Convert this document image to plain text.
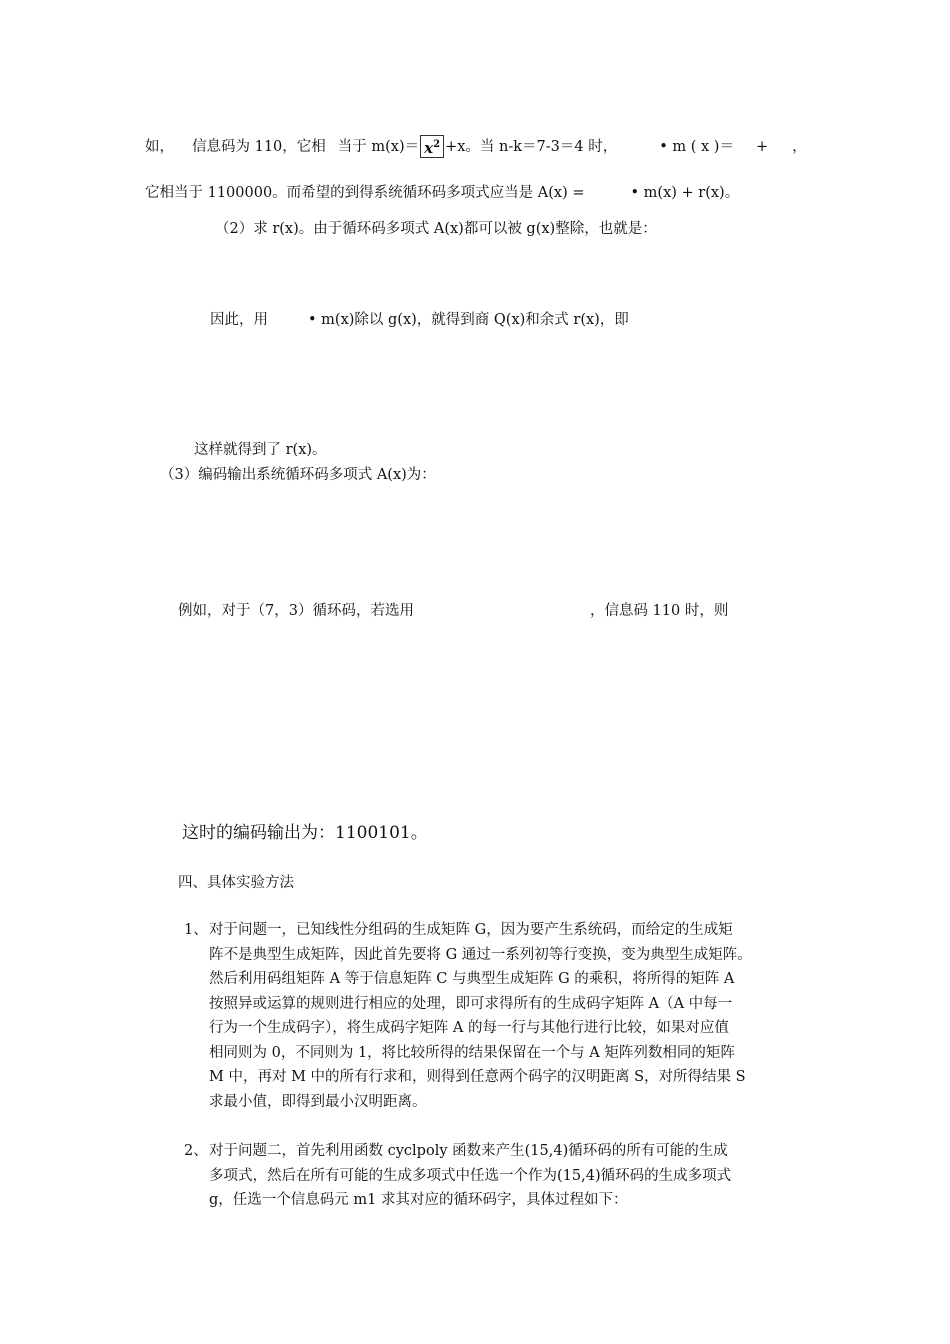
如， 信息码为 110，它相 当于 $m(x)= x^2 +x$。当 n-k＝7-3＝4 时，	• m ( x )＝ + ，
它相当于 1100000。而希望的到得系统循环码多项式应当是 A(x) =	• m(x) + r(x)。
（2）求 r(x)。由于循环码多项式 A(x)都可以被 g(x)整除，也就是：
因此，用	• m(x)除以 g(x)，就得到商 Q(x)和余式 r(x)，即
这样就得到了 r(x)。
（3）编码输出系统循环码多项式 A(x)为：
例如，对于（7，3）循环码，若选用	，信息码 110 时，则
这时的编码输出为：1100101。
四、具体实验方法
1、 对于问题一，已知线性分组码的生成矩阵 G，因为要产生系统码，而给定的生成矩
阵不是典型生成矩阵，因此首先要将 G 通过一系列初等行变换，变为典型生成矩阵。
然后利用码组矩阵 A 等于信息矩阵 C 与典型生成矩阵 G 的乘积，将所得的矩阵 A
按照异或运算的规则进行相应的处理，即可求得所有的生成码字矩阵 A（A 中每一
行为一个生成码字），将生成码字矩阵 A 的每一行与其他行进行比较，如果对应值
相同则为 0，不同则为 1，将比较所得的结果保留在一个与 A 矩阵列数相同的矩阵
M 中，再对 M 中的所有行求和，则得到任意两个码字的汉明距离 S，对所得结果 S
求最小值，即得到最小汉明距离。
2、 对于问题二，首先利用函数 cyclpoly 函数来产生(15,4)循环码的所有可能的生成
多项式，然后在所有可能的生成多项式中任选一个作为(15,4)循环码的生成多项式
g，任选一个信息码元 m1 求其对应的循环码字，具体过程如下：
